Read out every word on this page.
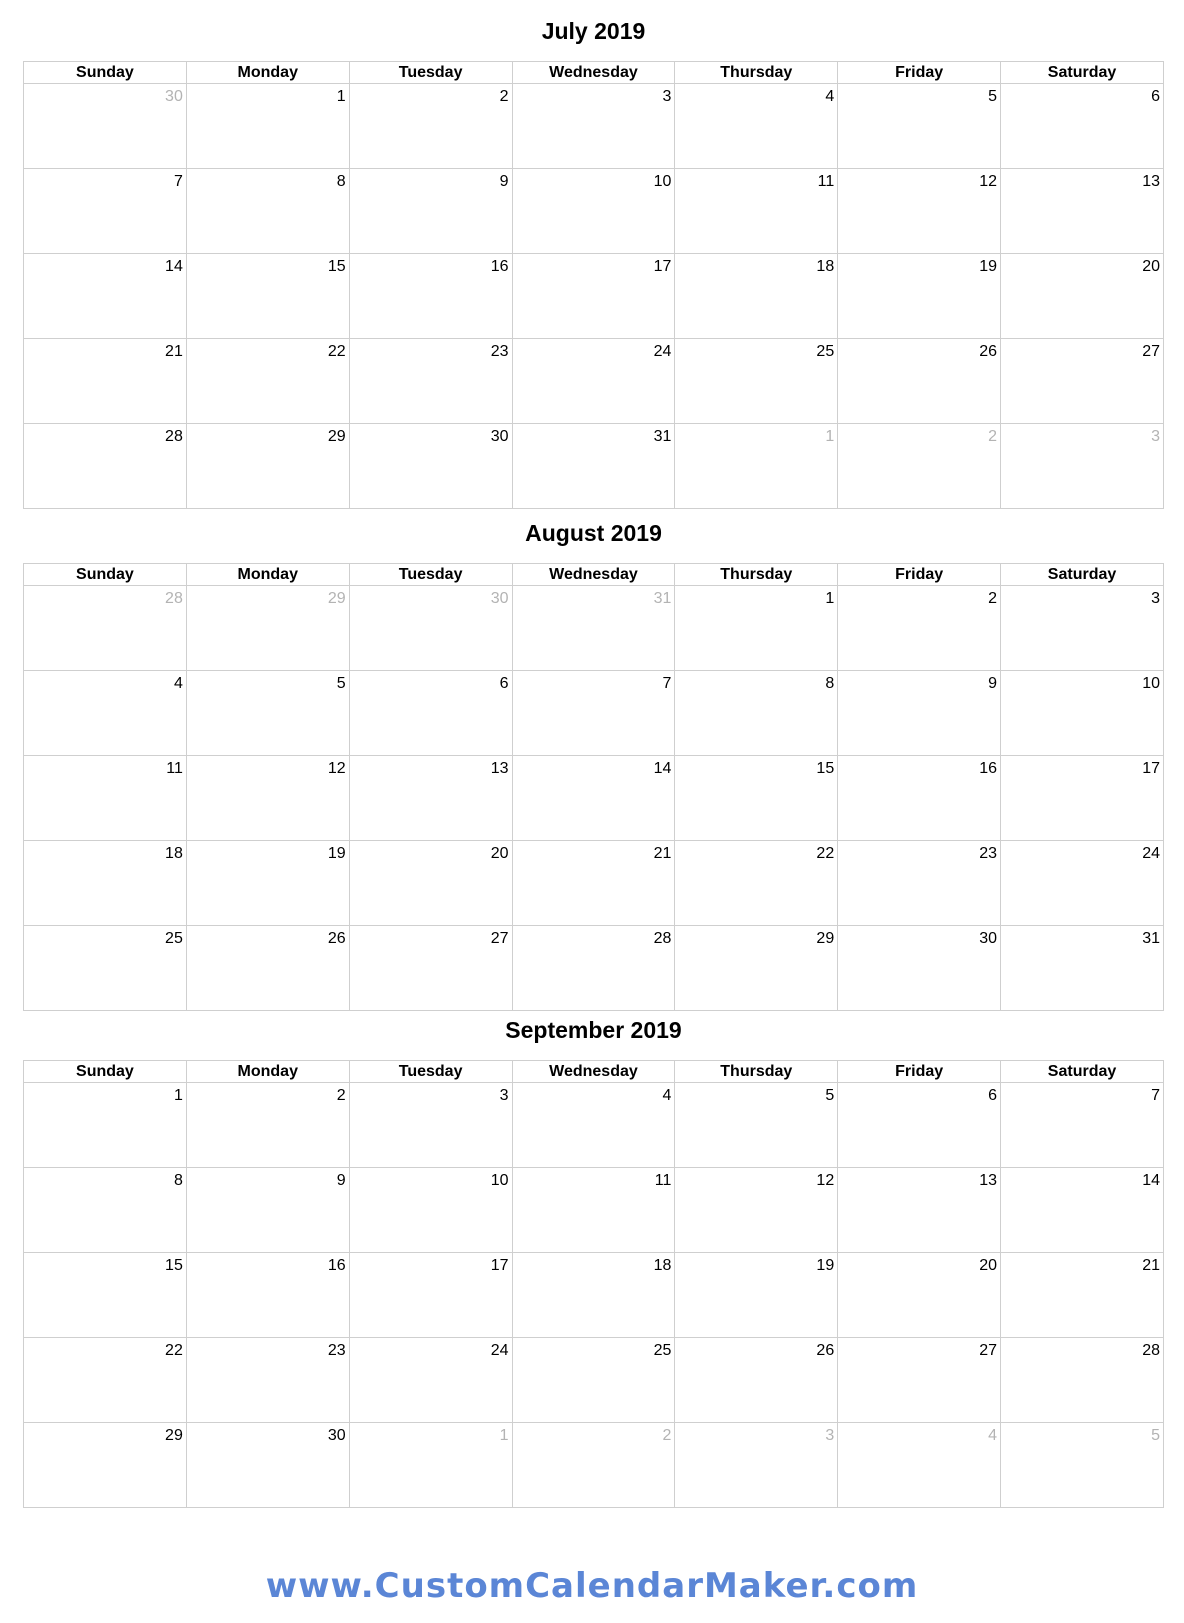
July 2019
Sunday	Monday	Tuesday	Wednesday	Thursday	Friday	Saturday

30	1	2	3	4	5	6

7	8	9	10	11	12	13

14	15	16	17	18	19	20

21	22	23	24	25	26	27

28	29	30	31	1	2	3
August 2019
Sunday	Monday	Tuesday	Wednesday	Thursday	Friday	Saturday

28	29	30	31	1	2	3

4	5	6	7	8	9	10

11	12	13	14	15	16	17

18	19	20	21	22	23	24

25	26	27	28	29	30	31
September 2019
Sunday	Monday	Tuesday	Wednesday	Thursday	Friday	Saturday

1	2	3	4	5	6	7

8	9	10	11	12	13	14

15	16	17	18	19	20	21

22	23	24	25	26	27	28

29	30	1	2	3	4	5
www.CustomCalendarMaker.com
